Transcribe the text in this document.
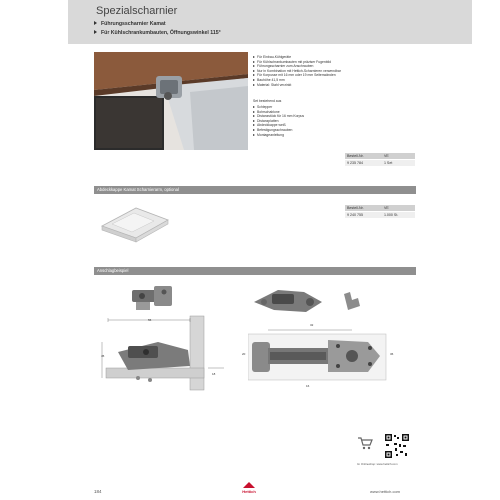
Spezialscharnier
Führungsscharnier Kamat
Für Kühlschrankumbauten, Öffnungswinkel 115°
Für Einbau-Kühlgeräte
Für Kühlschrankumbauten mit präziser Fugenbild
Führungsscharnier zum Anschrauben
Nur in Kombination mit Hettich-Scharnieren verwendbar
Für Korpusse mit 16 mm oder 19 mm Seitenwänden
Bauhöhe 41,5 mm
Material: Stahl verzinkt
Set bestehend aus
Schlepper
Bohrschablone
Distanzstück für 16 mm Korpus
Distanzplatten
Abdeckkappe weiß
Befestigungsschrauben
Montageanleitung
Bestell-Nr.	VE
9 235 784	1 Set
Abdeckkappe Kamat Scharnierarm, optional
Bestell-Nr.	VE
9 240 755	1.000 St.
Anschlagbeispiel
55
45
18
32
20	36
16
Im Onlineshop: www.hettich.com
184	Hettich	www.hettich.com
